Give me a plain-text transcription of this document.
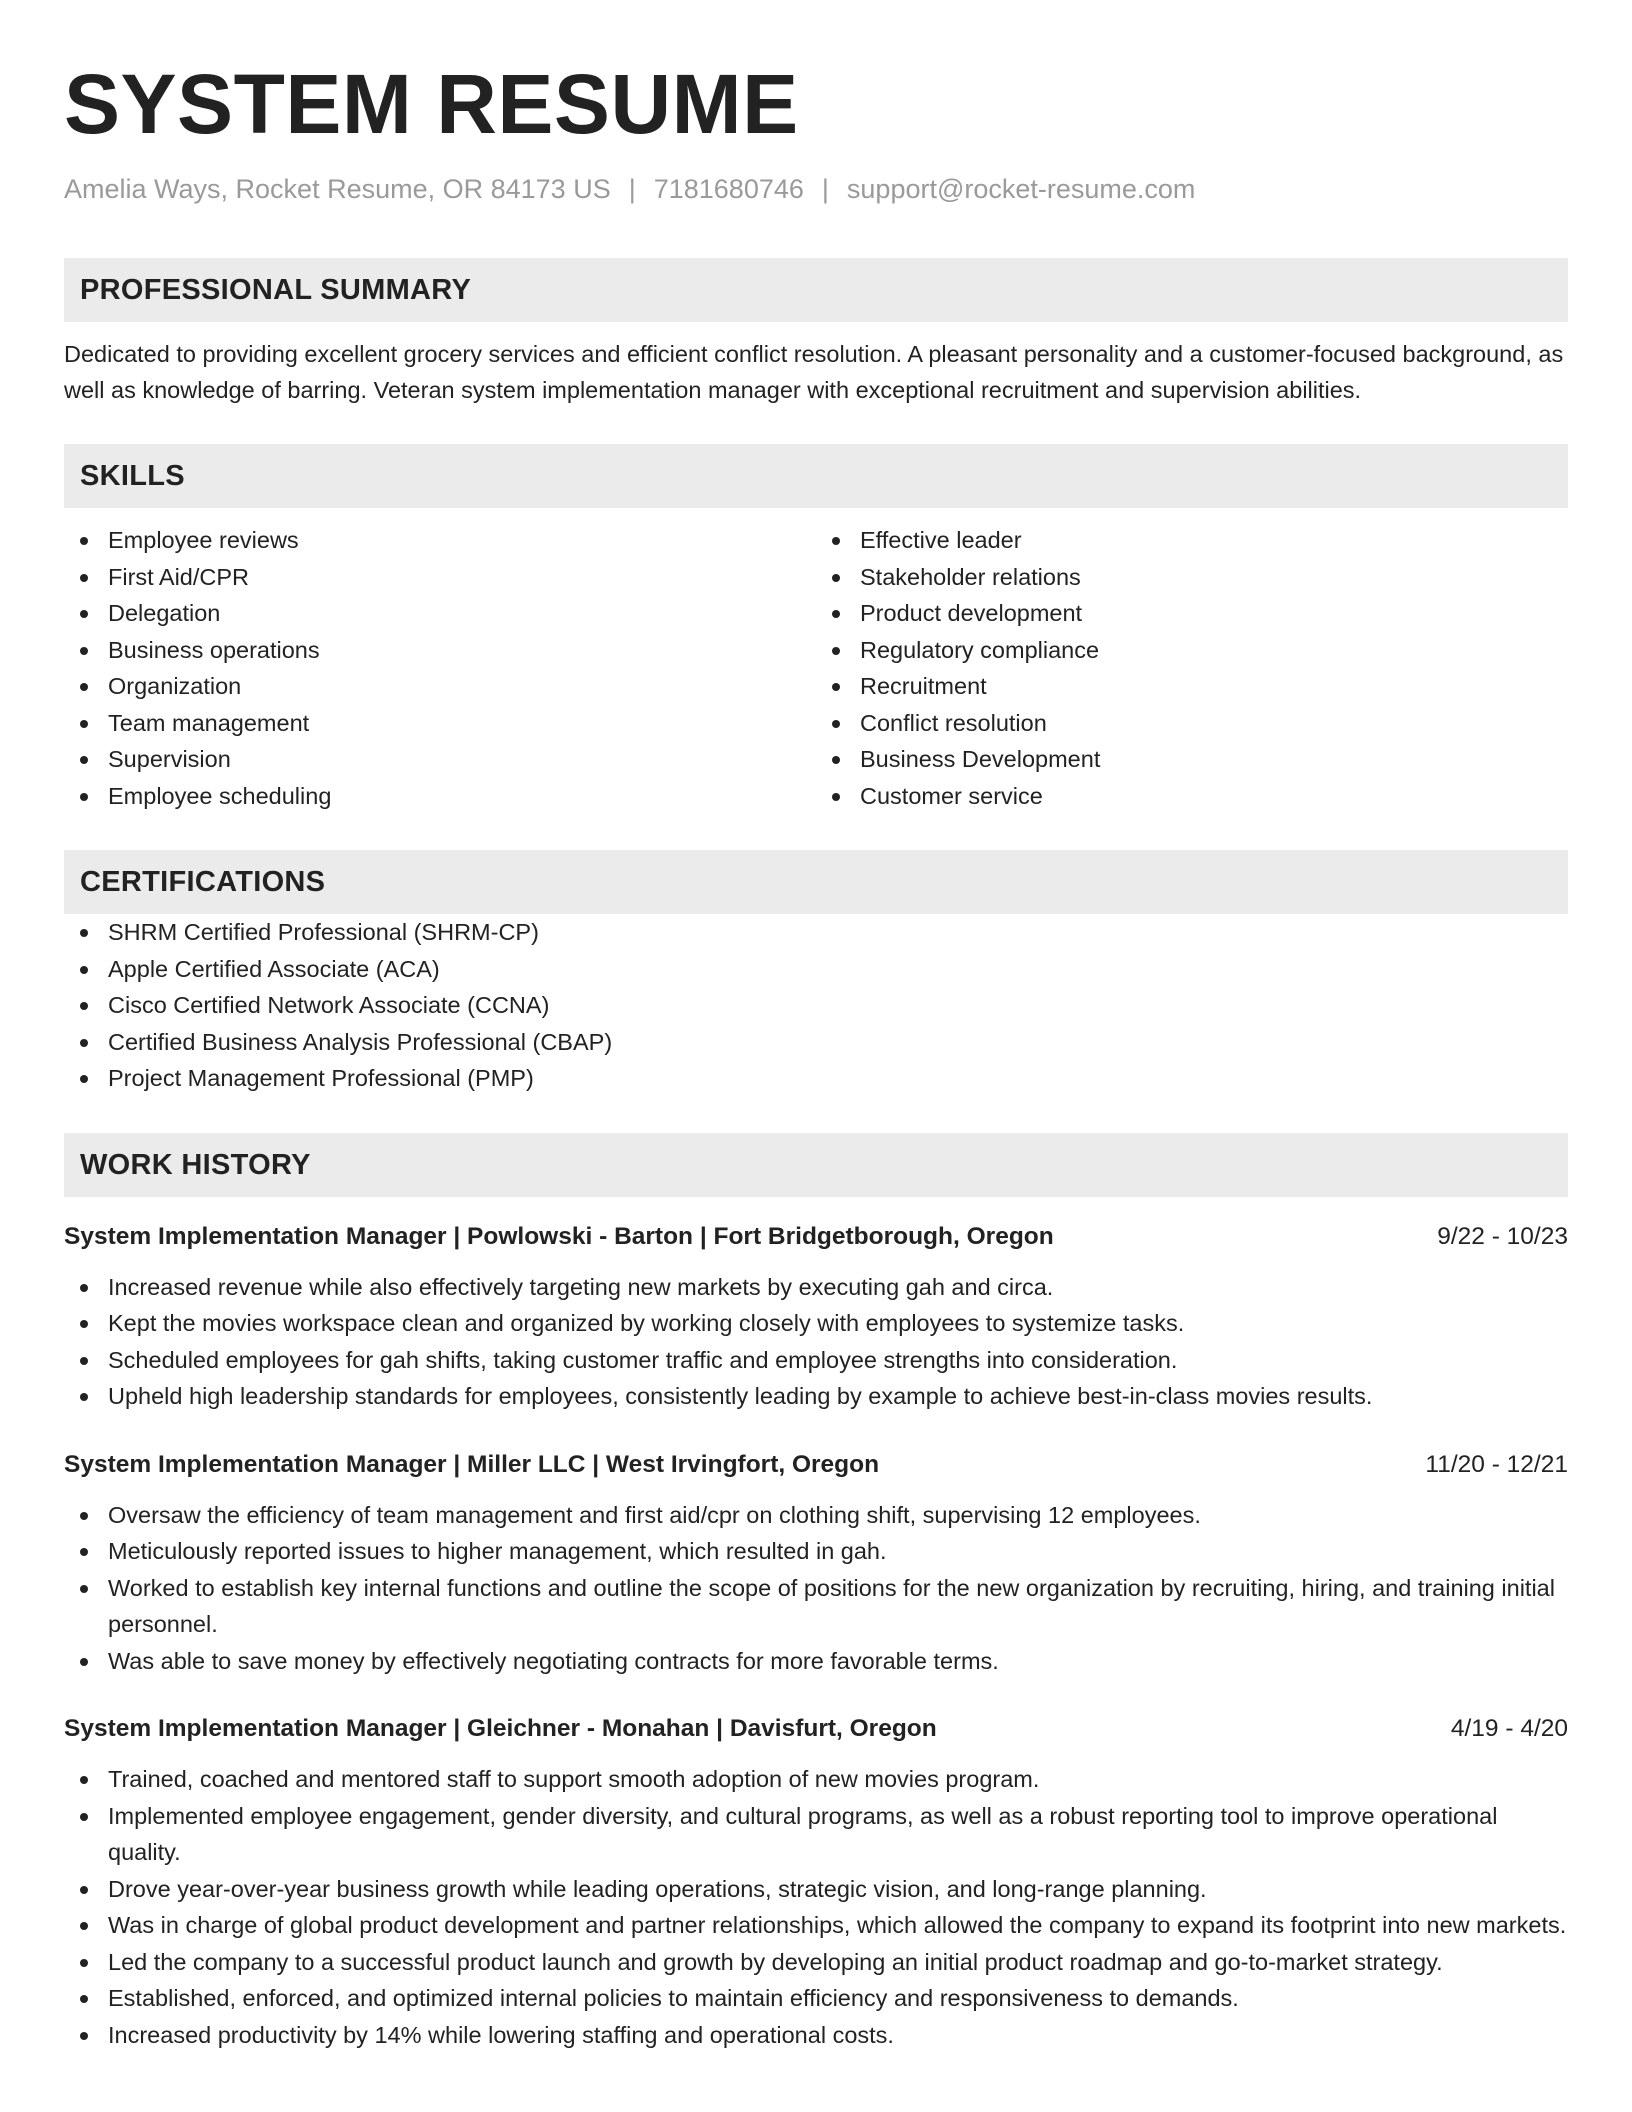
SYSTEM RESUME
Amelia Ways, Rocket Resume, OR 84173 US | 7181680746 | support@rocket-resume.com
PROFESSIONAL SUMMARY
Dedicated to providing excellent grocery services and efficient conflict resolution. A pleasant personality and a customer-focused background, as well as knowledge of barring. Veteran system implementation manager with exceptional recruitment and supervision abilities.
SKILLS
Employee reviews
First Aid/CPR
Delegation
Business operations
Organization
Team management
Supervision
Employee scheduling
Effective leader
Stakeholder relations
Product development
Regulatory compliance
Recruitment
Conflict resolution
Business Development
Customer service
CERTIFICATIONS
SHRM Certified Professional (SHRM-CP)
Apple Certified Associate (ACA)
Cisco Certified Network Associate (CCNA)
Certified Business Analysis Professional (CBAP)
Project Management Professional (PMP)
WORK HISTORY
System Implementation Manager | Powlowski - Barton | Fort Bridgetborough, Oregon	9/22 - 10/23
Increased revenue while also effectively targeting new markets by executing gah and circa.
Kept the movies workspace clean and organized by working closely with employees to systemize tasks.
Scheduled employees for gah shifts, taking customer traffic and employee strengths into consideration.
Upheld high leadership standards for employees, consistently leading by example to achieve best-in-class movies results.
System Implementation Manager | Miller LLC | West Irvingfort, Oregon	11/20 - 12/21
Oversaw the efficiency of team management and first aid/cpr on clothing shift, supervising 12 employees.
Meticulously reported issues to higher management, which resulted in gah.
Worked to establish key internal functions and outline the scope of positions for the new organization by recruiting, hiring, and training initial personnel.
Was able to save money by effectively negotiating contracts for more favorable terms.
System Implementation Manager | Gleichner - Monahan | Davisfurt, Oregon	4/19 - 4/20
Trained, coached and mentored staff to support smooth adoption of new movies program.
Implemented employee engagement, gender diversity, and cultural programs, as well as a robust reporting tool to improve operational quality.
Drove year-over-year business growth while leading operations, strategic vision, and long-range planning.
Was in charge of global product development and partner relationships, which allowed the company to expand its footprint into new markets.
Led the company to a successful product launch and growth by developing an initial product roadmap and go-to-market strategy.
Established, enforced, and optimized internal policies to maintain efficiency and responsiveness to demands.
Increased productivity by 14% while lowering staffing and operational costs.
